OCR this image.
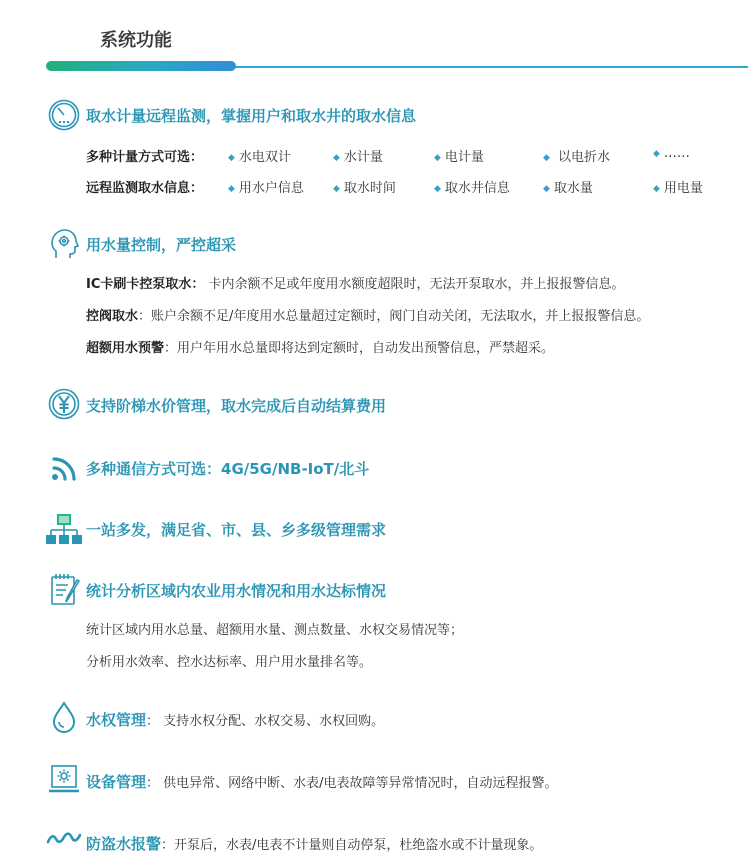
系统功能
取水计量远程监测，掌握用户和取水井的取水信息
多种计量方式可选：	◆ 水电双计	◆ 水计量	◆ 电计量	◆ 以电折水	◆ ……
远程监测取水信息：	◆ 用水户信息	◆ 取水时间	◆ 取水井信息	◆ 取水量	◆ 用电量
用水量控制，严控超采
IC卡刷卡控泵取水： 卡内余额不足或年度用水额度超限时，无法开泵取水，并上报报警信息。
控阀取水：账户余额不足/年度用水总量超过定额时，阀门自动关闭，无法取水，并上报报警信息。
超额用水预警：用户年用水总量即将达到定额时，自动发出预警信息，严禁超采。
支持阶梯水价管理，取水完成后自动结算费用
多种通信方式可选：4G/5G/NB-IoT/北斗
一站多发，满足省、市、县、乡多级管理需求
统计分析区域内农业用水情况和用水达标情况
统计区域内用水总量、超额用水量、测点数量、水权交易情况等；
分析用水效率、控水达标率、用户用水量排名等。
水权管理： 支持水权分配、水权交易、水权回购。
设备管理： 供电异常、网络中断、水表/电表故障等异常情况时，自动远程报警。
防盗水报警：开泵后，水表/电表不计量则自动停泵，杜绝盗水或不计量现象。
